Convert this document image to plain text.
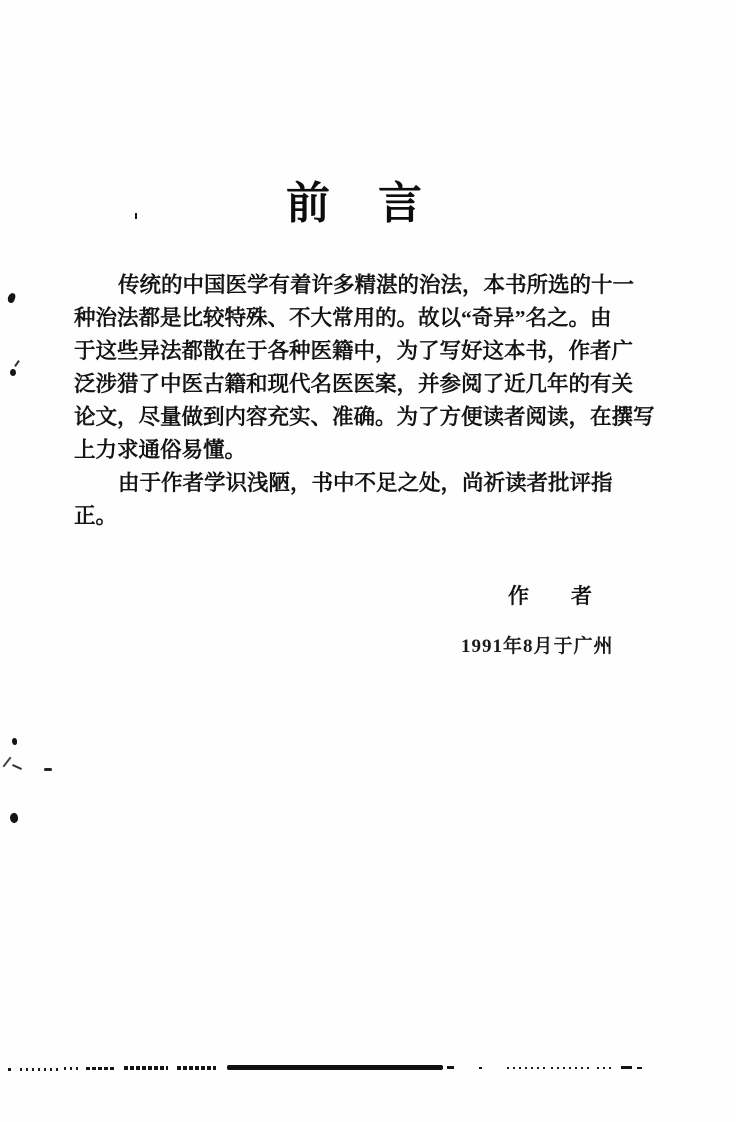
前　言
传统的中国医学有着许多精湛的治法，本书所选的十一
种治法都是比较特殊、不大常用的。故以“奇异”名之。由
于这些异法都散在于各种医籍中，为了写好这本书，作者广
泛涉猎了中医古籍和现代名医医案，并参阅了近几年的有关
论文，尽量做到内容充实、准确。为了方便读者阅读，在撰写
上力求通俗易懂。
由于作者学识浅陋，书中不足之处，尚祈读者批评指
正。
作　　者
1991年8月于广州
